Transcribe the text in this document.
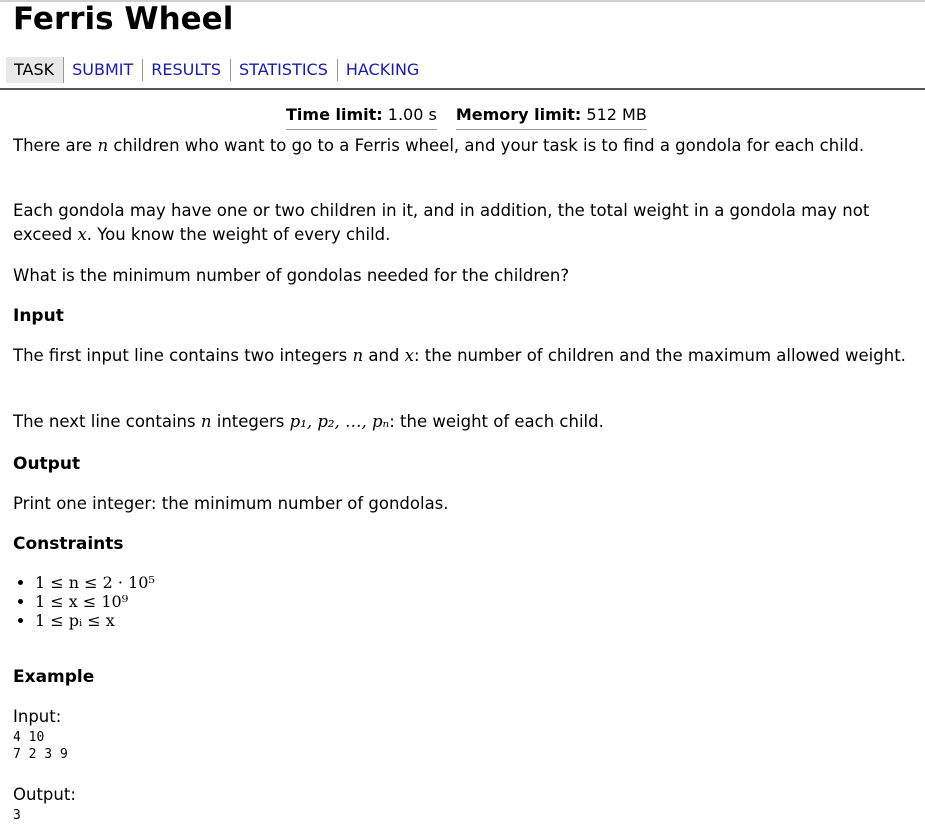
Ferris Wheel
TASK	SUBMIT	RESULTS	STATISTICS	HACKING
Time limit: 1.00 s Memory limit: 512 MB

There are n children who want to go to a Ferris wheel, and your task is to find a gondola for each child.

Each gondola may have one or two children in it, and in addition, the total weight in a gondola may not exceed x. You know the weight of every child.

What is the minimum number of gondolas needed for the children?

Input

The first input line contains two integers n and x: the number of children and the maximum allowed weight.

The next line contains n integers p₁, p₂, …, pₙ: the weight of each child.

Output

Print one integer: the minimum number of gondolas.

Constraints
• 1 ≤ n ≤ 2 · 10⁵
• 1 ≤ x ≤ 10⁹
• 1 ≤ pᵢ ≤ x
Example

Input:

4 10
7 2 3 9

Output:

3
